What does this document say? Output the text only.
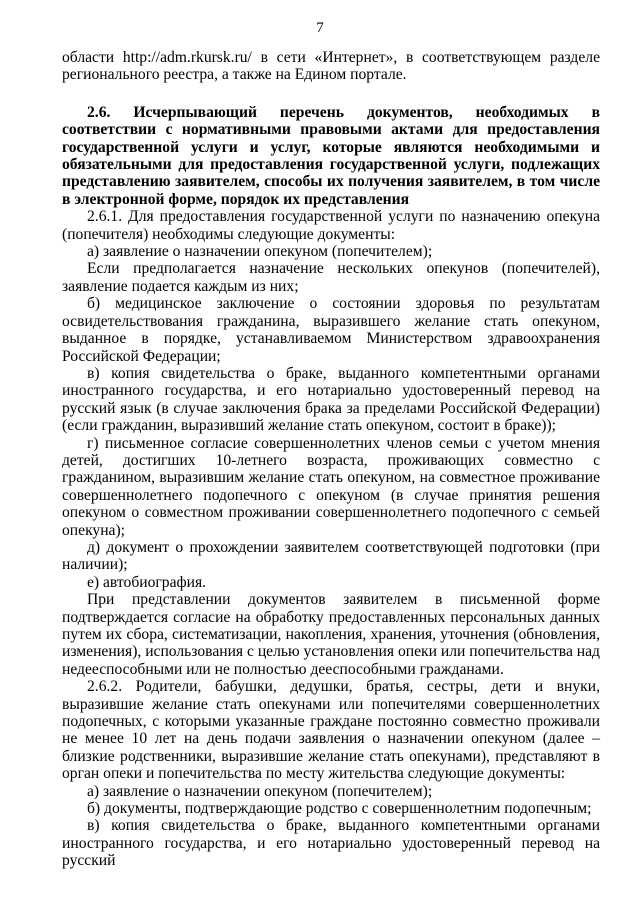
7

области http://adm.rkursk.ru/ в сети «Интернет», в соответствующем разделе регионального реестра, а также на Едином портале.

2.6. Исчерпывающий перечень документов, необходимых в соответствии с нормативными правовыми актами для предоставления государственной услуги и услуг, которые являются необходимыми и обязательными для предоставления государственной услуги, подлежащих представлению заявителем, способы их получения заявителем, в том числе в электронной форме, порядок их представления

2.6.1. Для предоставления государственной услуги по назначению опекуна (попечителя) необходимы следующие документы:

а) заявление о назначении опекуном (попечителем);

Если предполагается назначение нескольких опекунов (попечителей), заявление подается каждым из них;

б) медицинское заключение о состоянии здоровья по результатам освидетельствования гражданина, выразившего желание стать опекуном, выданное в порядке, устанавливаемом Министерством здравоохранения Российской Федерации;

в) копия свидетельства о браке, выданного компетентными органами иностранного государства, и его нотариально удостоверенный перевод на русский язык (в случае заключения брака за пределами Российской Федерации) (если гражданин, выразивший желание стать опекуном, состоит в браке));

г) письменное согласие совершеннолетних членов семьи с учетом мнения детей, достигших 10-летнего возраста, проживающих совместно с гражданином, выразившим желание стать опекуном, на совместное проживание совершеннолетнего подопечного с опекуном (в случае принятия решения опекуном о совместном проживании совершеннолетнего подопечного с семьей опекуна);

д) документ о прохождении заявителем соответствующей подготовки (при наличии);

е) автобиография.

При представлении документов заявителем в письменной форме подтверждается согласие на обработку предоставленных персональных данных путем их сбора, систематизации, накопления, хранения, уточнения (обновления, изменения), использования с целью установления опеки или попечительства над недееспособными или не полностью дееспособными гражданами.

2.6.2. Родители, бабушки, дедушки, братья, сестры, дети и внуки, выразившие желание стать опекунами или попечителями совершеннолетних подопечных, с которыми указанные граждане постоянно совместно проживали не менее 10 лет на день подачи заявления о назначении опекуном (далее – близкие родственники, выразившие желание стать опекунами), представляют в орган опеки и попечительства по месту жительства следующие документы:

а) заявление о назначении опекуном (попечителем);

б) документы, подтверждающие родство с совершеннолетним подопечным;

в) копия свидетельства о браке, выданного компетентными органами иностранного государства, и его нотариально удостоверенный перевод на русский
